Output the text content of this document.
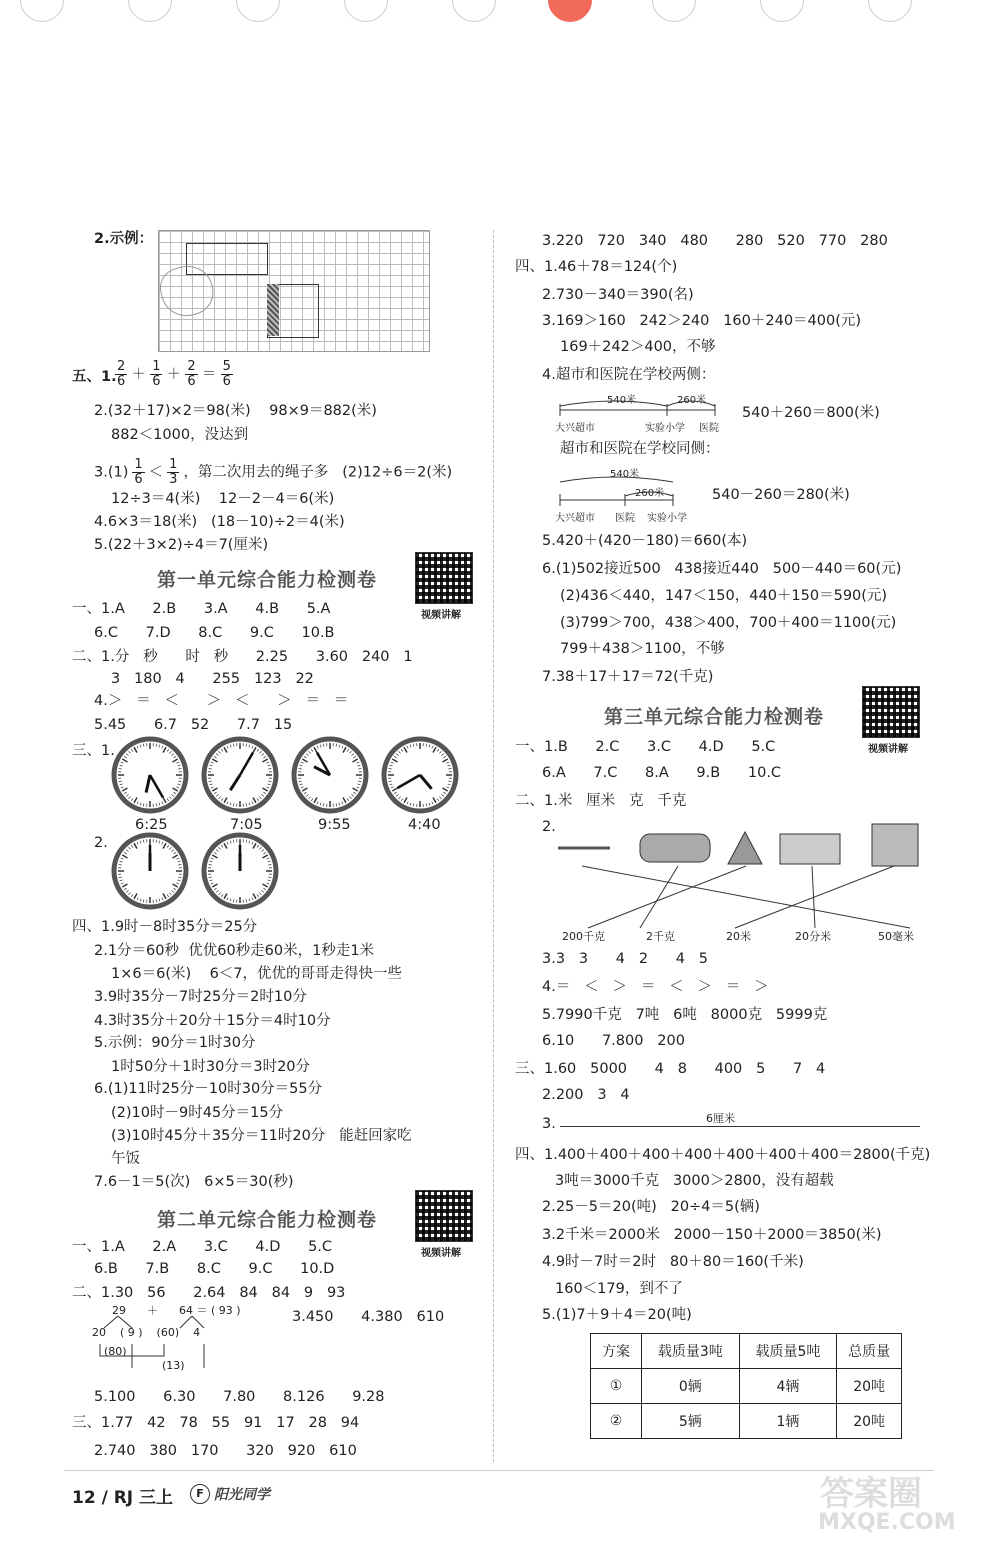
2.示例：
五、1.
$\frac{2}{6} + \frac{1}{6} + \frac{2}{6} = \frac{5}{6}$
2.(32＋17)×2＝98(米)    98×9＝882(米)
882＜1000，没达到
$3.(1) \frac{1}{6} < \frac{1}{3}$ ，第二次用去的绳子多   (2)12÷6＝2(米)
12÷3＝4(米)    12－2－4＝6(米)
4.6×3＝18(米)   (18－10)÷2＝4(米)
5.(22＋3×2)÷4＝7(厘米)
第一单元综合能力检测卷
视频讲解
一、1.A      2.B      3.A      4.B      5.A
6.C      7.D      8.C      9.C      10.B
二、1.分   秒      时   秒      2.25      3.60   240   1
3   180   4      255   123   22
4.＞   ＝   ＜      ＞   ＜      ＞   ＝   ＝
5.45      6.7   52      7.7   15
三、1.
6:25	7:05	9:55	4:40
2.
四、1.9时－8时35分＝25分
2.1分＝60秒  优优60秒走60米，1秒走1米
1×6＝6(米)    6＜7，优优的哥哥走得快一些
3.9时35分－7时25分＝2时10分
4.3时35分＋20分＋15分＝4时10分
5.示例：90分＝1时30分
1时50分＋1时30分＝3时20分
6.(1)11时25分－10时30分＝55分
(2)10时－9时45分＝15分
(3)10时45分＋35分＝11时20分   能赶回家吃
午饭
7.6－1＝5(次)   6×5＝30(秒)
第二单元综合能力检测卷
视频讲解
一、1.A      2.A      3.C      4.D      5.C
6.B      7.B      8.C      9.C      10.D
二、1.30   56      2.64   84   84   9   93
29      ＋      64 ＝ ( 93 )
20    ( 9 )    (60)    4
(80)
(13)
3.450      4.380   610
5.100      6.30      7.80      8.126      9.28
三、1.77   42   78   55   91   17   28   94
2.740   380   170      320   920   610
3.220   720   340   480      280   520   770   280
四、1.46＋78＝124(个)
2.730－340＝390(名)
3.169＞160   242＞240   160＋240＝400(元)
169＋242＞400，不够
4.超市和医院在学校两侧：
540米	260米
大兴超市	实验小学 医院
540＋260＝800(米)
超市和医院在学校同侧：
540米
260米
大兴超市 医院 实验小学
540－260＝280(米)
5.420＋(420－180)＝660(本)
6.(1)502接近500   438接近440   500－440＝60(元)
(2)436＜440，147＜150，440＋150＝590(元)
(3)799＞700，438＞400，700＋400＝1100(元)
799＋438＞1100，不够
7.38＋17＋17＝72(千克)
第三单元综合能力检测卷
视频讲解
一、1.B      2.C      3.C      4.D      5.C
6.A      7.C      8.A      9.B      10.C
二、1.米   厘米   克   千克
2.
200千克	2千克	20米	20分米	50毫米
3.3   3      4   2      4   5
4.＝   ＜   ＞   ＝   ＜   ＞   ＝   ＞
5.7990千克   7吨   6吨   8000克   5999克
6.10      7.800   200
三、1.60   5000      4   8      400   5      7   4
2.200   3   4
3.	6厘米
四、1.400＋400＋400＋400＋400＋400＋400＝2800(千克)
3吨＝3000千克   3000＞2800，没有超载
2.25－5＝20(吨)   20÷4＝5(辆)
3.2千米＝2000米   2000－150＋2000＝3850(米)
4.9时－7时＝2时   80＋80＝160(千米)
160＜179，到不了
5.(1)7＋9＋4＝20(吨)
方案	载质量3吨	载质量5吨	总质量
①	0辆	4辆	20吨
②	5辆	1辆	20吨
12 / RJ 三上	F 阳光同学	答案圈
MXQE.COM
